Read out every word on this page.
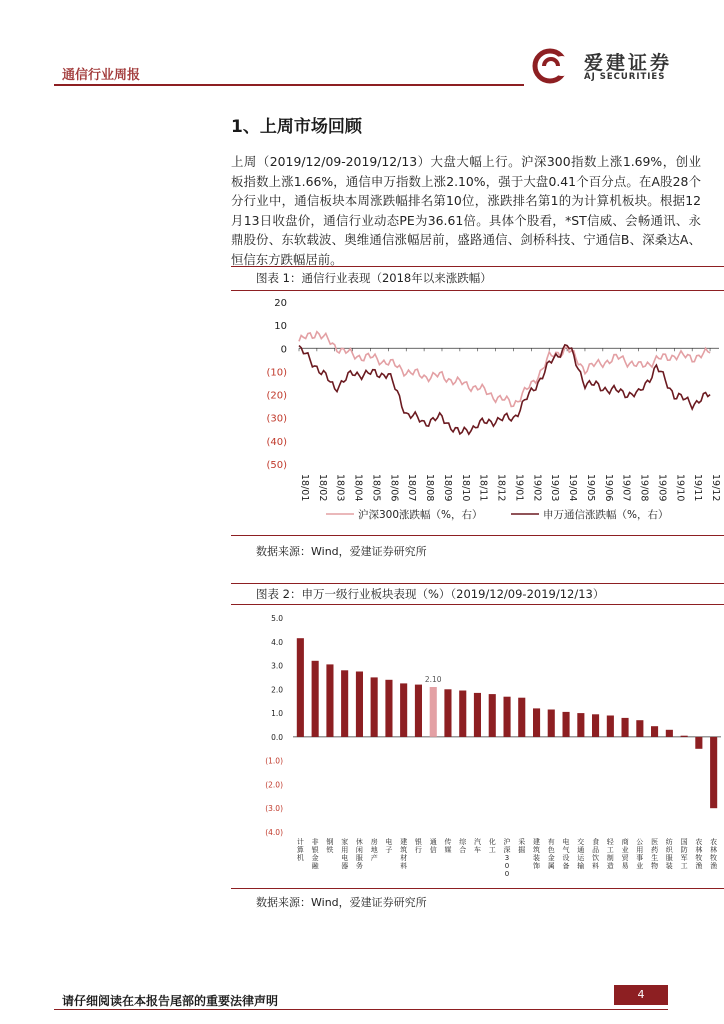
通信行业周报
爱建证券
AJ SECURITIES
1、上周市场回顾
上周（2019/12/09-2019/12/13）大盘大幅上行。沪深300指数上涨1.69%，创业板指数上涨1.66%，通信申万指数上涨2.10%，强于大盘0.41个百分点。在A股28个分行业中，通信板块本周涨跌幅排名第10位，涨跌排名第1的为计算机板块。根据12月13日收盘价，通信行业动态PE为36.61倍。具体个股看，*ST信威、会畅通讯、永鼎股份、东软载波、奥维通信涨幅居前，盛路通信、剑桥科技、宁通信B、深桑达A、恒信东方跌幅居前。
图表 1：通信行业表现（2018年以来涨跌幅）
20
10
0
(10)
(20)
(30)
(40)
(50)
18/01 18/02 18/03 18/04 18/05 18/06 18/07 18/08 18/09 18/10 18/11 18/12 19/01 19/02 19/03 19/04 19/05 19/06 19/07 19/08 19/09 19/10 19/11 19/12
沪深300涨跌幅（%，右）	申万通信涨跌幅（%，右）
数据来源：Wind，爱建证券研究所
图表 2：申万一级行业板块表现（%）（2019/12/09-2019/12/13）
5.0
4.0
3.0
2.0
1.0
0.0
(1.0)
(2.0)
(3.0)
(4.0)
计算机
非银金融
钢铁
家用电器
休闲服务
房地产
电子
建筑材料
银行
2.10
通信
传媒
综合
汽车
化工
沪深 3 0 0
采掘
建筑装饰
有色金属
电气设备
交通运输
食品饮料
轻工制造
商业贸易
公用事业
医药生物
纺织服装
国防军工
农林牧渔
农林牧渔
数据来源：Wind，爱建证券研究所
请仔细阅读在本报告尾部的重要法律声明	4
